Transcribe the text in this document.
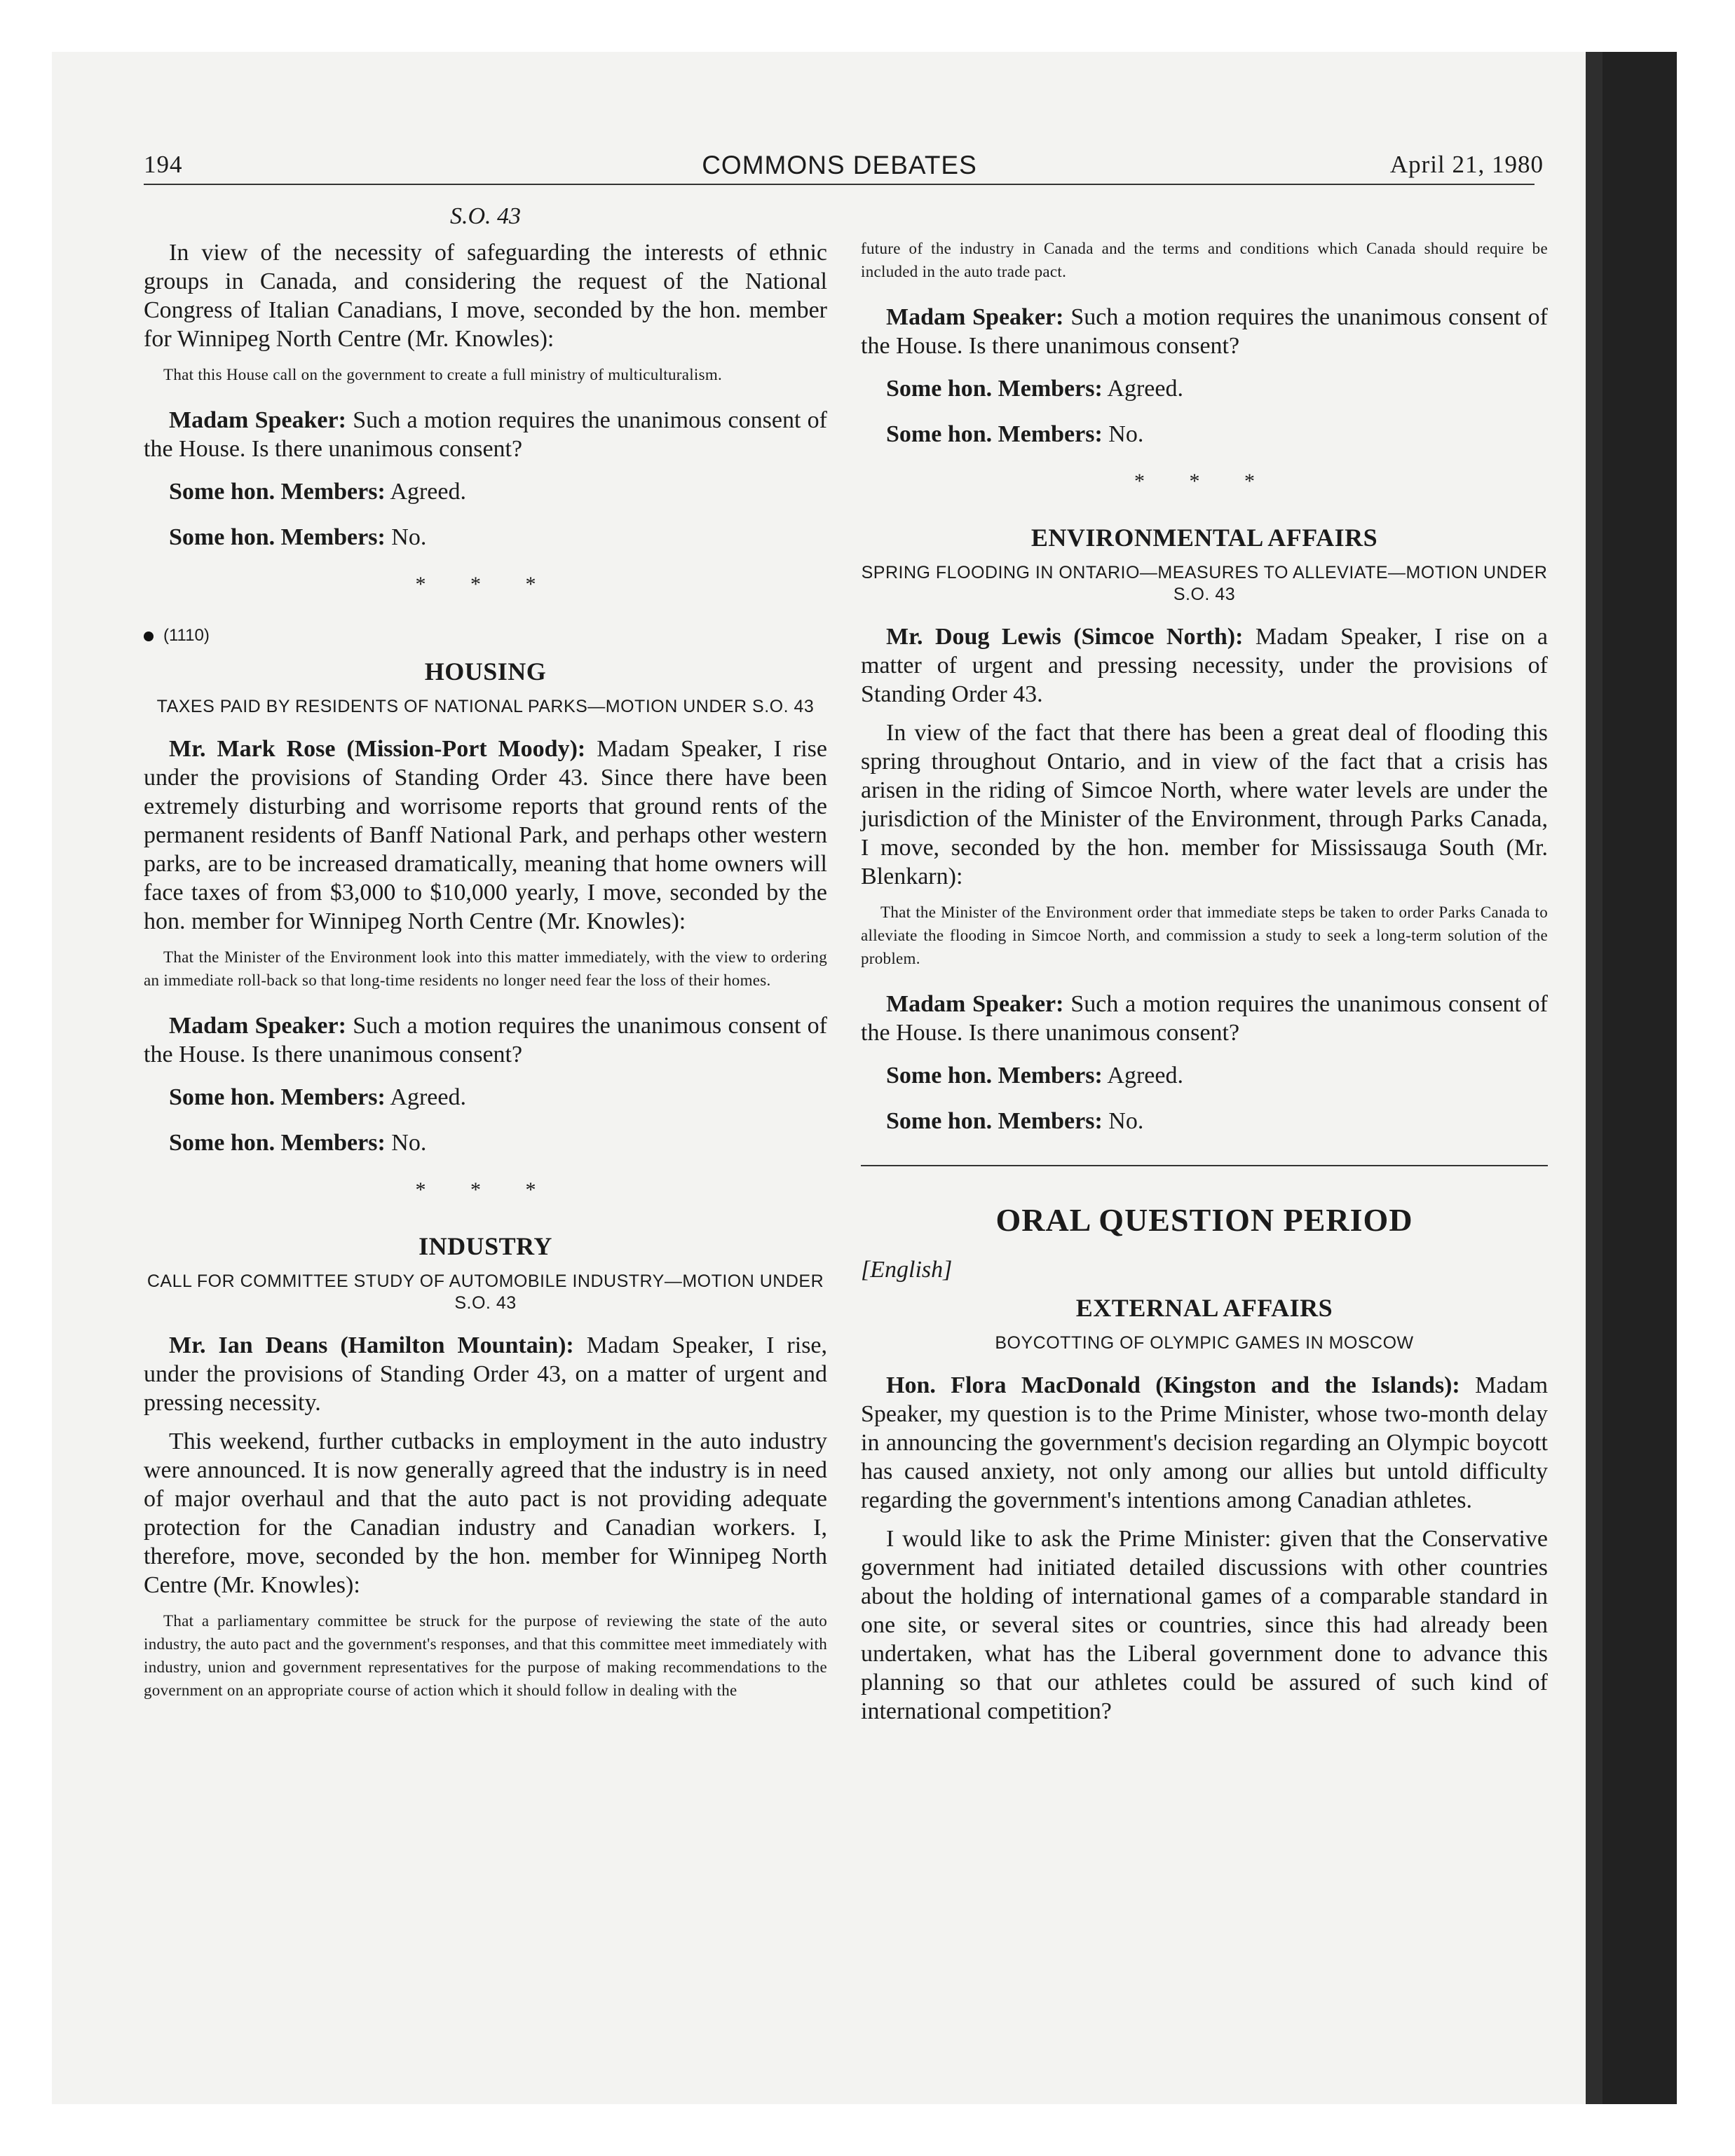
194	COMMONS DEBATES	April 21, 1980
S.O. 43

In view of the necessity of safeguarding the interests of ethnic groups in Canada, and considering the request of the National Congress of Italian Canadians, I move, seconded by the hon. member for Winnipeg North Centre (Mr. Knowles):

That this House call on the government to create a full ministry of multiculturalism.

Madam Speaker: Such a motion requires the unanimous consent of the House. Is there unanimous consent?

Some hon. Members: Agreed.

Some hon. Members: No.

* * *
(1110)
HOUSING
TAXES PAID BY RESIDENTS OF NATIONAL PARKS—MOTION UNDER S.O. 43

Mr. Mark Rose (Mission-Port Moody): Madam Speaker, I rise under the provisions of Standing Order 43. Since there have been extremely disturbing and worrisome reports that ground rents of the permanent residents of Banff National Park, and perhaps other western parks, are to be increased dramatically, meaning that home owners will face taxes of from $3,000 to $10,000 yearly, I move, seconded by the hon. member for Winnipeg North Centre (Mr. Knowles):

That the Minister of the Environment look into this matter immediately, with the view to ordering an immediate roll-back so that long-time residents no longer need fear the loss of their homes.

Madam Speaker: Such a motion requires the unanimous consent of the House. Is there unanimous consent?

Some hon. Members: Agreed.

Some hon. Members: No.

* * *
INDUSTRY
CALL FOR COMMITTEE STUDY OF AUTOMOBILE INDUSTRY—MOTION UNDER S.O. 43

Mr. Ian Deans (Hamilton Mountain): Madam Speaker, I rise, under the provisions of Standing Order 43, on a matter of urgent and pressing necessity.

This weekend, further cutbacks in employment in the auto industry were announced. It is now generally agreed that the industry is in need of major overhaul and that the auto pact is not providing adequate protection for the Canadian industry and Canadian workers. I, therefore, move, seconded by the hon. member for Winnipeg North Centre (Mr. Knowles):

That a parliamentary committee be struck for the purpose of reviewing the state of the auto industry, the auto pact and the government's responses, and that this committee meet immediately with industry, union and government representatives for the purpose of making recommendations to the government on an appropriate course of action which it should follow in dealing with the

future of the industry in Canada and the terms and conditions which Canada should require be included in the auto trade pact.

Madam Speaker: Such a motion requires the unanimous consent of the House. Is there unanimous consent?

Some hon. Members: Agreed.

Some hon. Members: No.

* * *
ENVIRONMENTAL AFFAIRS
SPRING FLOODING IN ONTARIO—MEASURES TO ALLEVIATE—MOTION UNDER S.O. 43

Mr. Doug Lewis (Simcoe North): Madam Speaker, I rise on a matter of urgent and pressing necessity, under the provisions of Standing Order 43.

In view of the fact that there has been a great deal of flooding this spring throughout Ontario, and in view of the fact that a crisis has arisen in the riding of Simcoe North, where water levels are under the jurisdiction of the Minister of the Environment, through Parks Canada, I move, seconded by the hon. member for Mississauga South (Mr. Blenkarn):

That the Minister of the Environment order that immediate steps be taken to order Parks Canada to alleviate the flooding in Simcoe North, and commission a study to seek a long-term solution of the problem.

Madam Speaker: Such a motion requires the unanimous consent of the House. Is there unanimous consent?

Some hon. Members: Agreed.

Some hon. Members: No.

ORAL QUESTION PERIOD
[English]
EXTERNAL AFFAIRS
BOYCOTTING OF OLYMPIC GAMES IN MOSCOW

Hon. Flora MacDonald (Kingston and the Islands): Madam Speaker, my question is to the Prime Minister, whose two-month delay in announcing the government's decision regarding an Olympic boycott has caused anxiety, not only among our allies but untold difficulty regarding the government's intentions among Canadian athletes.

I would like to ask the Prime Minister: given that the Conservative government had initiated detailed discussions with other countries about the holding of international games of a comparable standard in one site, or several sites or countries, since this had already been undertaken, what has the Liberal government done to advance this planning so that our athletes could be assured of such kind of international competition?
